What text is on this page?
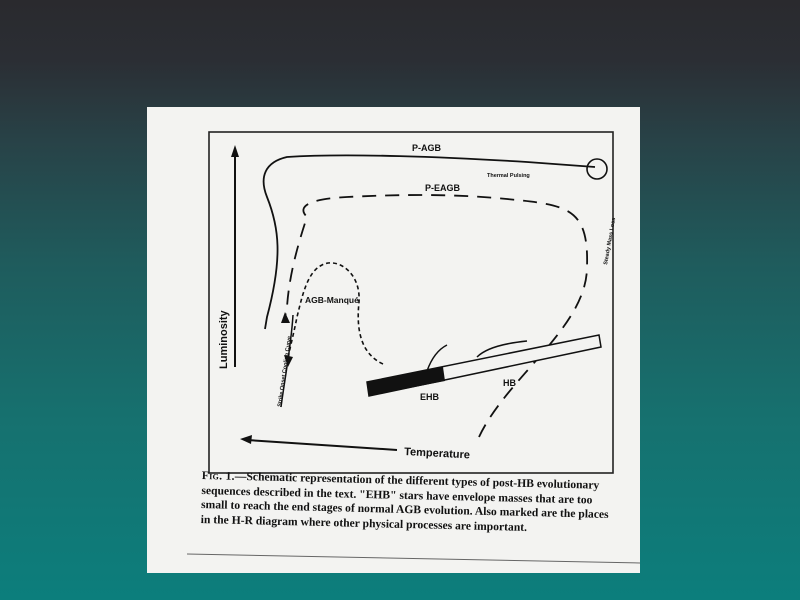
P-AGB
Thermal Pulsing
P-EAGB
Steady Mass Loss
AGB-Manqué
Strike Onset Cooling Curve
Luminosity
Temperature
HB
EHB
Fig. 1.—Schematic representation of the different types of post-HB evolutionary sequences described in the text. "EHB" stars have envelope masses that are too small to reach the end stages of normal AGB evolution. Also marked are the places in the H-R diagram where other physical processes are important.
